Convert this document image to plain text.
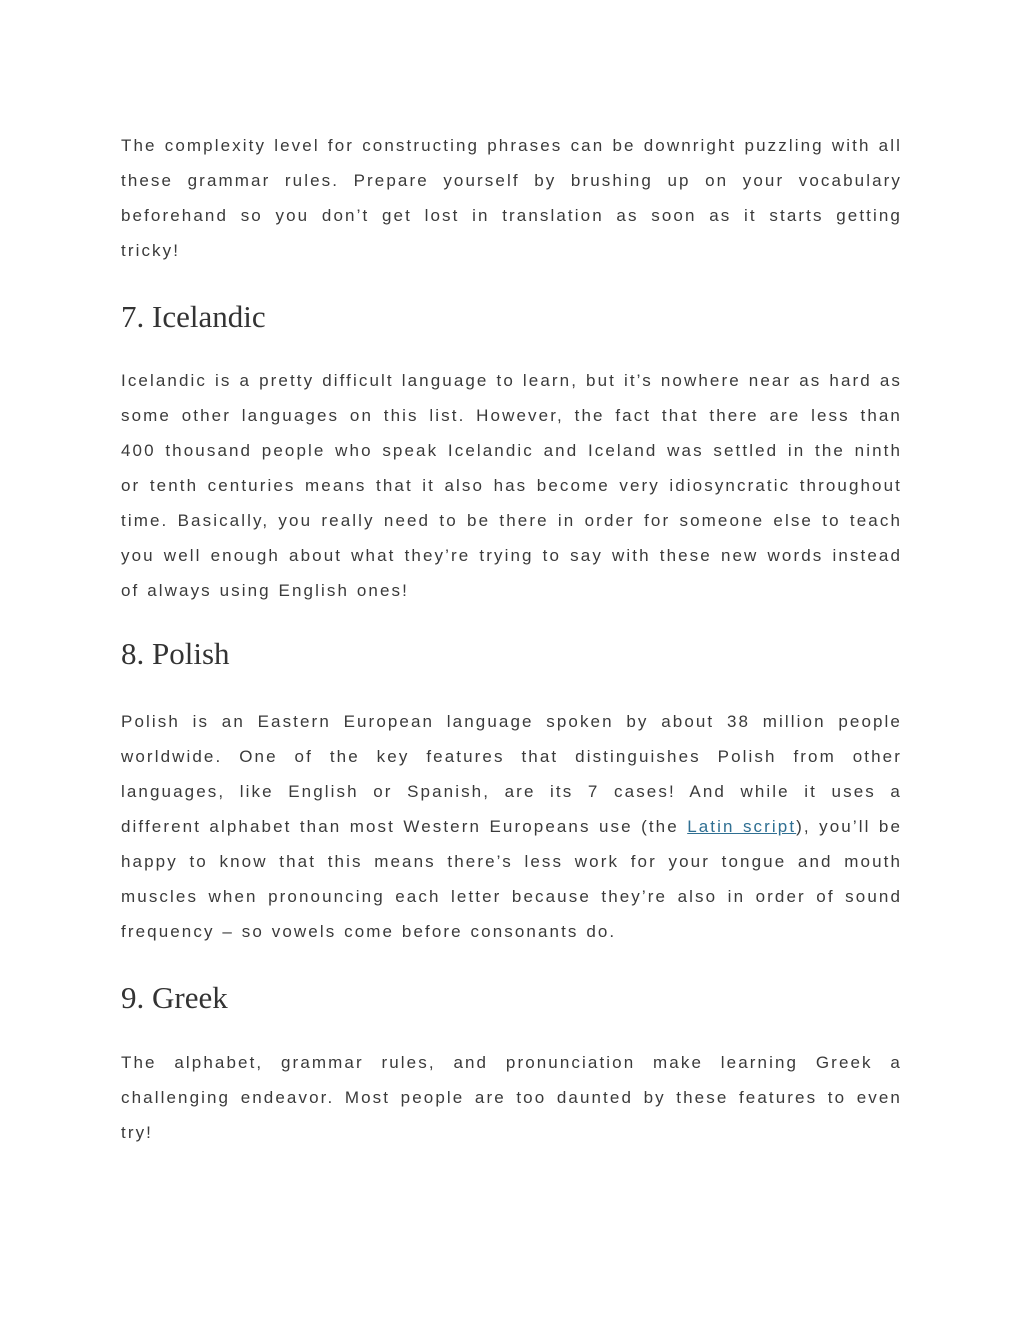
The complexity level for constructing phrases can be downright puzzling with all these grammar rules. Prepare yourself by brushing up on your vocabulary beforehand so you don’t get lost in translation as soon as it starts getting tricky!

7. Icelandic

Icelandic is a pretty difficult language to learn, but it’s nowhere near as hard as some other languages on this list. However, the fact that there are less than 400 thousand people who speak Icelandic and Iceland was settled in the ninth or tenth centuries means that it also has become very idiosyncratic throughout time. Basically, you really need to be there in order for someone else to teach you well enough about what they’re trying to say with these new words instead of always using English ones!

8. Polish

Polish is an Eastern European language spoken by about 38 million people worldwide. One of the key features that distinguishes Polish from other languages, like English or Spanish, are its 7 cases! And while it uses a different alphabet than most Western Europeans use (the Latin script), you’ll be happy to know that this means there’s less work for your tongue and mouth muscles when pronouncing each letter because they’re also in order of sound frequency – so vowels come before consonants do.

9. Greek

The alphabet, grammar rules, and pronunciation make learning Greek a challenging endeavor. Most people are too daunted by these features to even try!
